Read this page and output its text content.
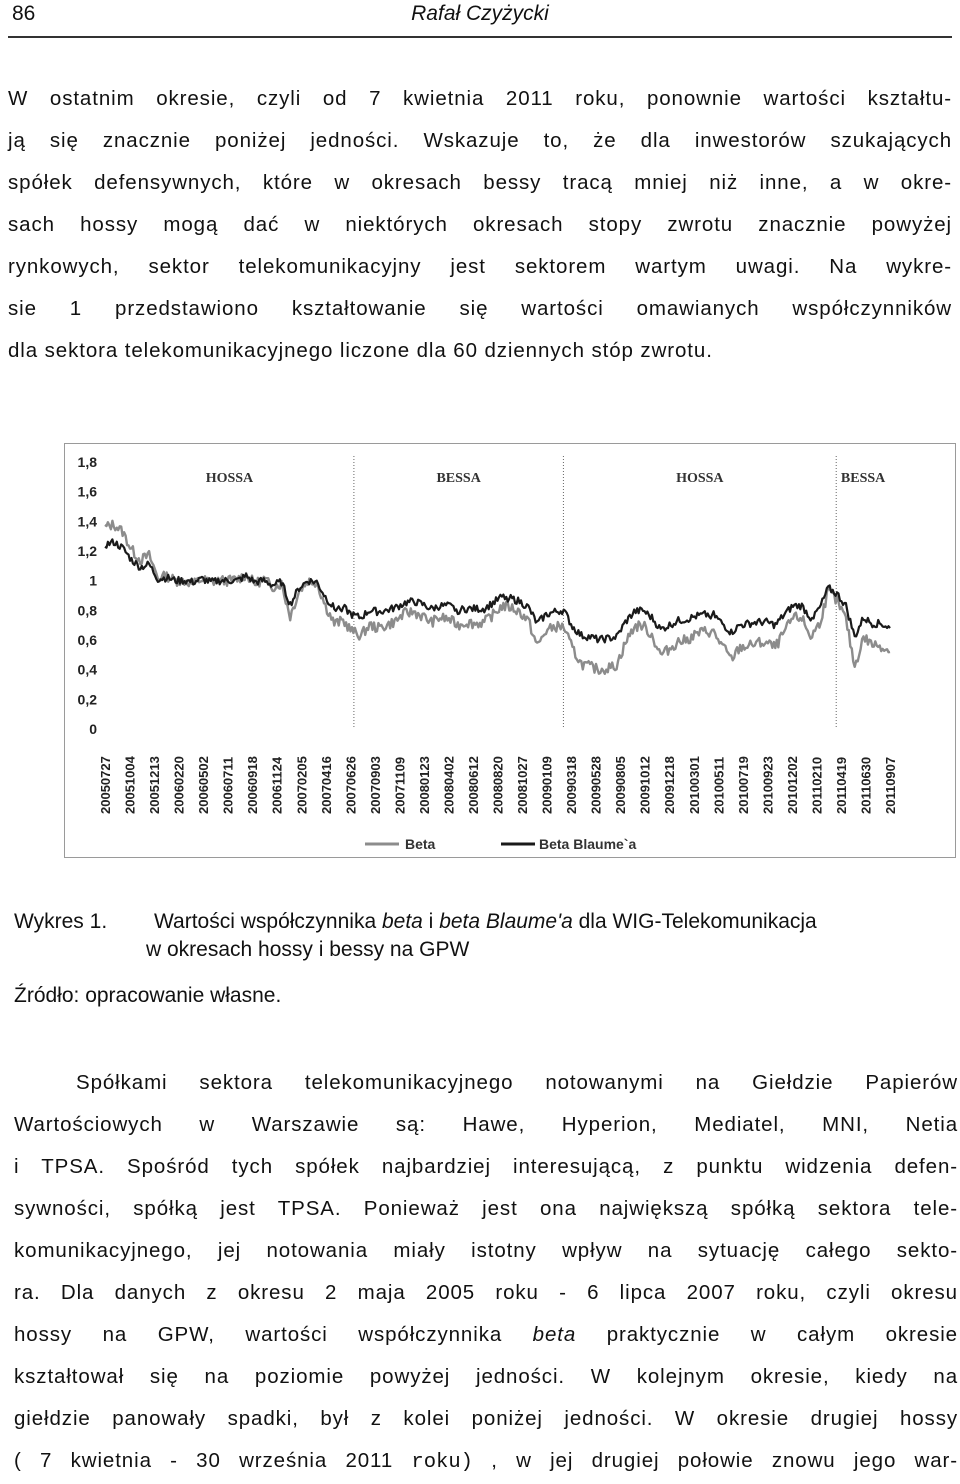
86	Rafał Czyżycki
W ostatnim okresie, czyli od 7 kwietnia 2011 roku, ponownie wartości kształtu-
ją się znacznie poniżej jedności. Wskazuje to, że dla inwestorów szukających
spółek defensywnych, które w okresach bessy tracą mniej niż inne, a w okre-
sach hossy mogą dać w niektórych okresach stopy zwrotu znacznie powyżej
rynkowych, sektor telekomunikacyjny jest sektorem wartym uwagi. Na wykre-
sie 1 przedstawiono kształtowanie się wartości omawianych współczynników
dla sektora telekomunikacyjnego liczone dla 60 dziennych stóp zwrotu.
1,8
1,6
1,4
1,2
1
0,8
0,6
0,4
0,2
0
20050727 20051004 20051213 20060220 20060502 20060711 20060918 20061124 20070205 20070416 20070626 20070903 20071109 20080123 20080402 20080612 20080820 20081027 20090109 20090318 20090528 20090805 20091012 20091218 20100301 20100511 20100719 20100923 20101202 20110210 20110419 20110630 20110907
HOSSA	BESSA	HOSSA	BESSA
Beta	Beta Blaume`a
Wykres 1. Wartości współczynnika beta i beta Blaume'a dla WIG-Telekomunikacja
w okresach hossy i bessy na GPW
Źródło: opracowanie własne.
Spółkami sektora telekomunikacyjnego notowanymi na Giełdzie Papierów
Wartościowych w Warszawie są: Hawe, Hyperion, Mediatel, MNI, Netia
i TPSA. Spośród tych spółek najbardziej interesującą, z punktu widzenia defen-
sywności, spółką jest TPSA. Ponieważ jest ona największą spółką sektora tele-
komunikacyjnego, jej notowania miały istotny wpływ na sytuację całego sekto-
ra. Dla danych z okresu 2 maja 2005 roku - 6 lipca 2007 roku, czyli okresu
hossy na GPW, wartości współczynnika beta praktycznie w całym okresie
kształtował się na poziomie powyżej jedności. W kolejnym okresie, kiedy na
giełdzie panowały spadki, był z kolei poniżej jedności. W okresie drugiej hossy
( 7 kwietnia - 30 września 2011 roku) , w jej drugiej połowie znowu jego war-
